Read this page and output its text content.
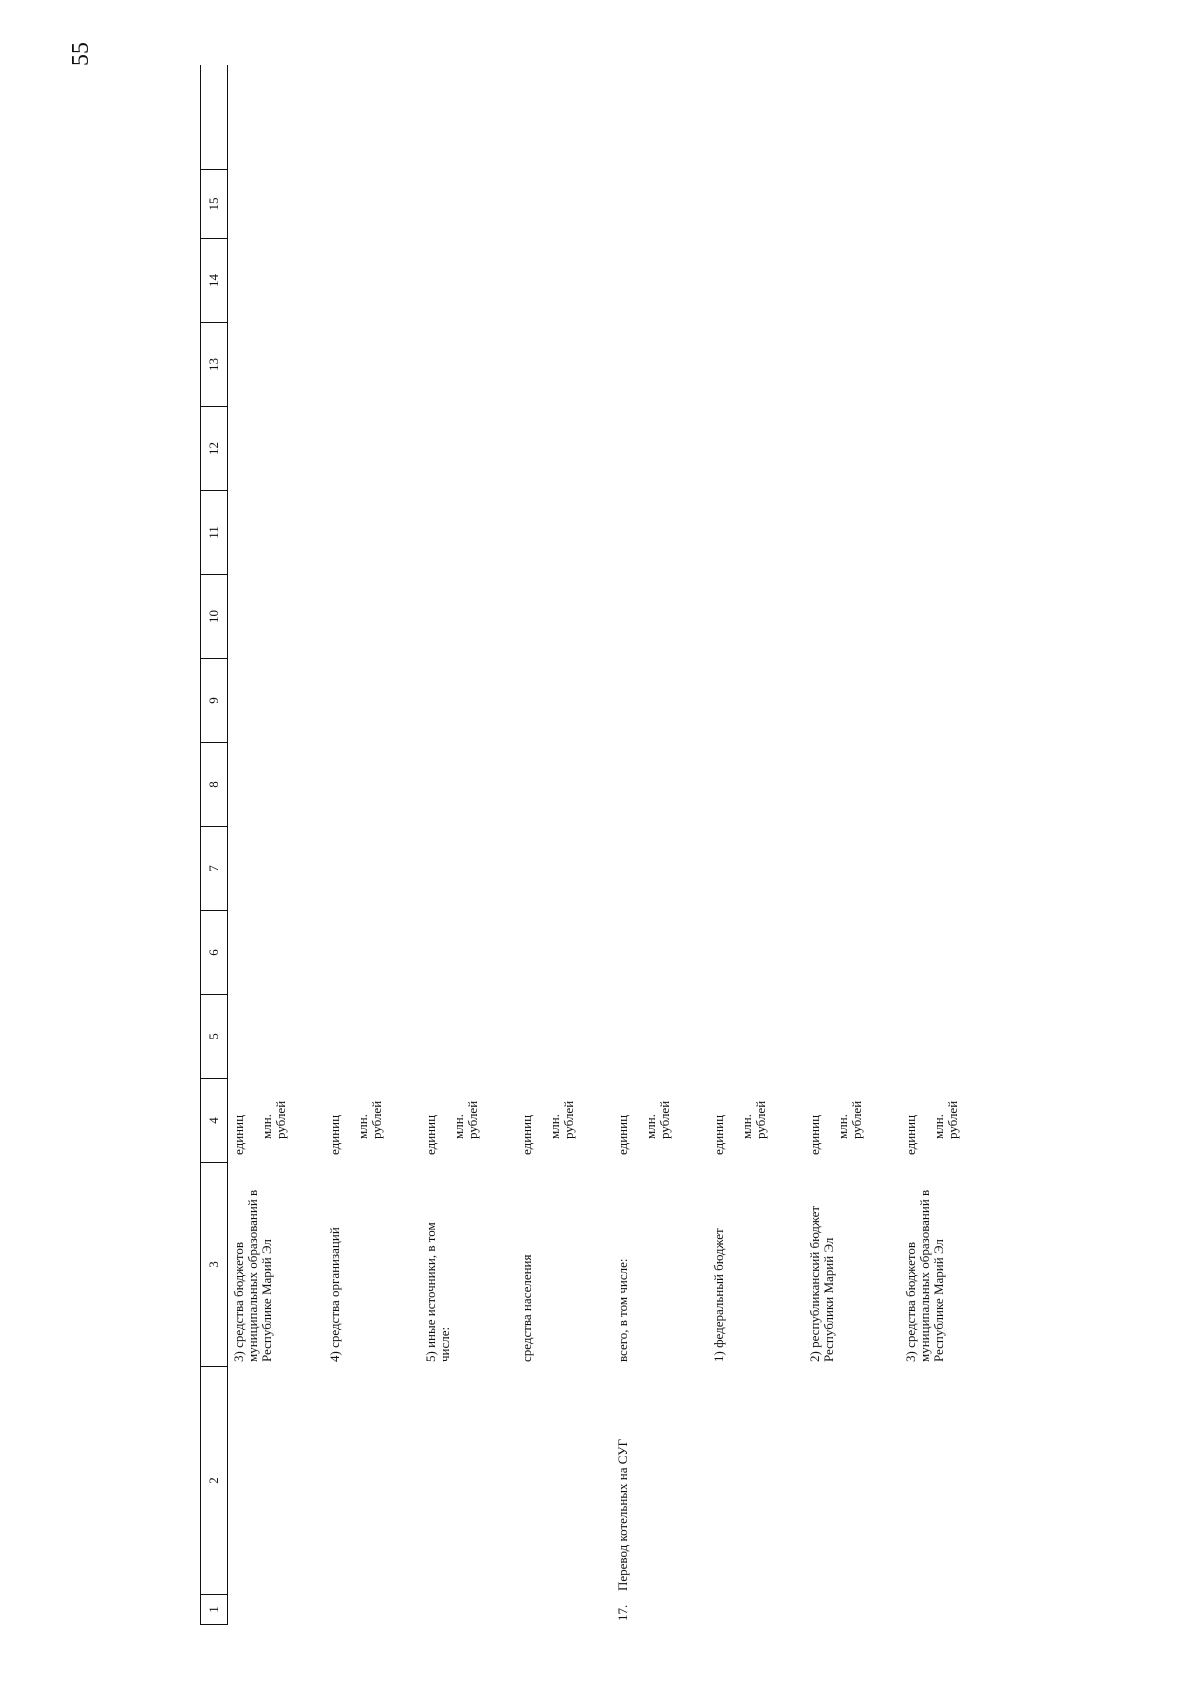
55
1
2
3
4
5
6
7
8
9
10
11
12
13
14
15
3) средства бюджетов муниципальных образований в Республике Марий Эл
единиц млн. рублей
4) средства организаций
единиц млн. рублей
5) иные источники, в том числе:
единиц млн. рублей
средства населения
единиц млн. рублей
17.
Перевод котельных на СУГ
всего, в том числе:
единиц млн. рублей
1) федеральный бюджет
единиц млн. рублей
2) республиканский бюджет Республики Марий Эл
единиц млн. рублей
3) средства бюджетов муниципальных образований в Республике Марий Эл
единиц млн. рублей
